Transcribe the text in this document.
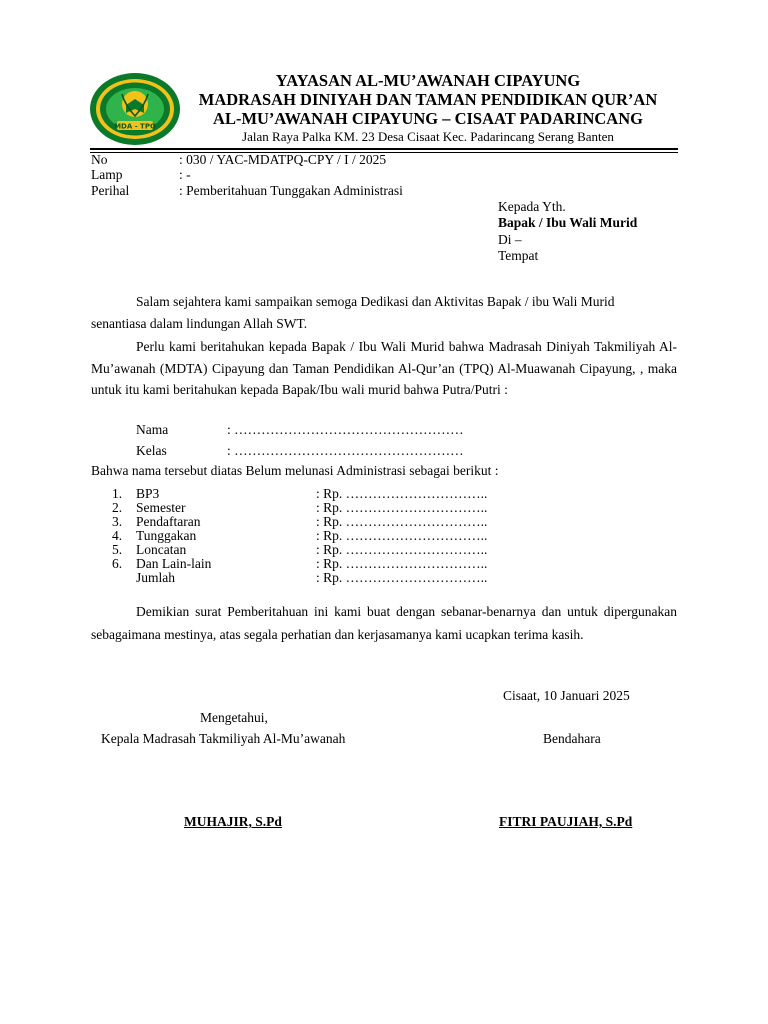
MDA - TPQ
YAYASAN AL-MU’AWANAH CIPAYUNG
MADRASAH DINIYAH DAN TAMAN PENDIDIKAN QUR’AN
AL-MU’AWANAH CIPAYUNG – CISAAT PADARINCANG
Jalan Raya Palka KM. 23 Desa Cisaat Kec. Padarincang Serang Banten
No	: 030 / YAC-MDATPQ-CPY / I / 2025
Lamp	: -
Perihal	: Pemberitahuan Tunggakan Administrasi
Kepada Yth.
Bapak / Ibu Wali Murid
Di –
Tempat
Salam sejahtera kami sampaikan semoga Dedikasi dan Aktivitas Bapak / ibu Wali Murid
senantiasa dalam lindungan Allah SWT.
Perlu kami beritahukan kepada Bapak / Ibu Wali Murid bahwa Madrasah Diniyah Takmiliyah Al-Mu’awanah (MDTA) Cipayung dan Taman Pendidikan Al-Qur’an (TPQ) Al-Muawanah Cipayung, , maka untuk itu kami beritahukan kepada Bapak/Ibu wali murid bahwa Putra/Putri :
Nama	: ……………………………………………
Kelas	: ……………………………………………
Bahwa nama tersebut diatas Belum melunasi Administrasi sebagai berikut :
1. BP3	: Rp. …………………………..
2. Semester	: Rp. …………………………..
3. Pendaftaran	: Rp. …………………………..
4. Tunggakan	: Rp. …………………………..
5. Loncatan	: Rp. …………………………..
6. Dan Lain-lain	: Rp. …………………………..
Jumlah	: Rp. …………………………..
Demikian surat Pemberitahuan ini kami buat dengan sebanar-benarnya dan untuk dipergunakan sebagaimana mestinya, atas segala perhatian dan kerjasamanya kami ucapkan terima kasih.
Cisaat, 10 Januari 2025
Mengetahui,
Kepala Madrasah Takmiliyah Al-Mu’awanah	Bendahara
MUHAJIR, S.Pd	FITRI PAUJIAH, S.Pd
